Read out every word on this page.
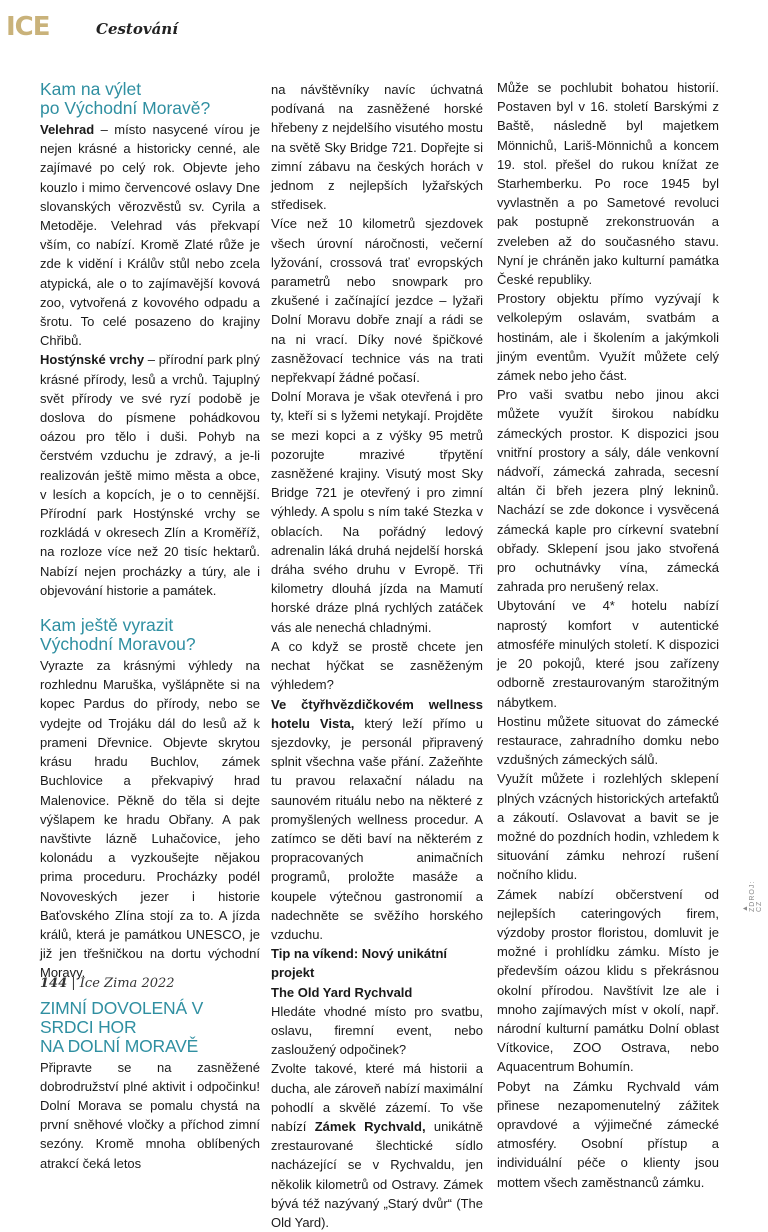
ICE	Cestování
Kam na výlet
po Východní Moravě?

Velehrad – místo nasycené vírou je nejen krásné a historicky cenné, ale zajímavé po celý rok. Objevte jeho kouzlo i mimo červencové oslavy Dne slovanských věrozvěstů sv. Cyrila a Metoděje. Velehrad vás překvapí vším, co nabízí. Kromě Zlaté růže je zde k vidění i Králův stůl nebo zcela atypická, ale o to zajímavější kovová zoo, vytvořená z kovového odpadu a šrotu. To celé posazeno do krajiny Chřibů.

Hostýnské vrchy – přírodní park plný krásné přírody, lesů a vrchů. Tajuplný svět přírody ve své ryzí podobě je doslova do písmene pohádkovou oázou pro tělo i duši. Pohyb na čerstvém vzduchu je zdravý, a je-li realizován ještě mimo města a obce, v lesích a kopcích, je o to cennější. Přírodní park Hostýnské vrchy se rozkládá v okresech Zlín a Kroměříž, na rozloze více než 20 tisíc hektarů. Nabízí nejen procházky a túry, ale i objevování historie a památek.

Kam ještě vyrazit
Východní Moravou?

Vyrazte za krásnými výhledy na rozhlednu Maruška, vyšlápněte si na kopec Pardus do přírody, nebo se vydejte od Trojáku dál do lesů až k prameni Dřevnice. Objevte skrytou krásu hradu Buchlov, zámek Buchlovice a překvapivý hrad Malenovice. Pěkně do těla si dejte výšlapem ke hradu Obřany. A pak navštivte lázně Luhačovice, jeho kolonádu a vyzkoušejte nějakou prima proceduru. Procházky podél Novoveských jezer i historie Baťovského Zlína stojí za to. A jízda králů, která je památkou UNESCO, je již jen třešničkou na dortu východní Moravy.

ZIMNÍ DOVOLENÁ V SRDCI HOR
NA DOLNÍ MORAVĚ

Připravte se na zasněžené dobrodružství plné aktivit i odpočinku! Dolní Morava se pomalu chystá na první sněhové vločky a příchod zimní sezóny. Kromě mnoha oblíbených atrakcí čeká letos

na návštěvníky navíc úchvatná podívaná na zasněžené horské hřebeny z nejdelšího visutého mostu na světě Sky Bridge 721. Dopřejte si zimní zábavu na českých horách v jednom z nejlepších lyžařských středisek.

Více než 10 kilometrů sjezdovek všech úrovní náročnosti, večerní lyžování, crossová trať evropských parametrů nebo snowpark pro zkušené i začínající jezdce – lyžaři Dolní Moravu dobře znají a rádi se na ni vrací. Díky nové špičkové zasněžovací technice vás na trati nepřekvapí žádné počasí.

Dolní Morava je však otevřená i pro ty, kteří si s lyžemi netykají. Projděte se mezi kopci a z výšky 95 metrů pozorujte mrazivé třpytění zasněžené krajiny. Visutý most Sky Bridge 721 je otevřený i pro zimní výhledy. A spolu s ním také Stezka v oblacích. Na pořádný ledový adrenalin láká druhá nejdelší horská dráha svého druhu v Evropě. Tři kilometry dlouhá jízda na Mamutí horské dráze plná rychlých zatáček vás ale nenechá chladnými.

A co když se prostě chcete jen nechat hýčkat se zasněženým výhledem?

Ve čtyřhvězdičkovém wellness hotelu Vista, který leží přímo u sjezdovky, je personál připravený splnit všechna vaše přání. Zažeňhte tu pravou relaxační náladu na saunovém rituálu nebo na některé z promyšlených wellness procedur. A zatímco se děti baví na některém z propracovaných animačních programů, proložte masáže a koupele výtečnou gastronomií a nadechněte se svěžího horského vzduchu.

Tip na víkend: Nový unikátní projekt
The Old Yard Rychvald

Hledáte vhodné místo pro svatbu, oslavu, firemní event, nebo zasloužený odpočinek?

Zvolte takové, které má historii a ducha, ale zároveň nabízí maximální pohodlí a skvělé zázemí. To vše nabízí Zámek Rychvald, unikátně zrestaurované šlechtické sídlo nacházející se v Rychvaldu, jen několik kilometrů od Ostravy. Zámek bývá též nazývaný „Starý dvůr“ (The Old Yard).

Může se pochlubit bohatou historií. Postaven byl v 16. století Barskými z Baště, následně byl majetkem Mönnichů, Lariš-Mönnichů a koncem 19. stol. přešel do rukou knížat ze Starhemberku. Po roce 1945 byl vyvlastněn a po Sametové revoluci pak postupně zrekonstruován a zveleben až do současného stavu. Nyní je chráněn jako kulturní památka České republiky.

Prostory objektu přímo vyzývají k velkolepým oslavám, svatbám a hostinám, ale i školením a jakýmkoli jiným eventům. Využít můžete celý zámek nebo jeho část.

Pro vaši svatbu nebo jinou akci můžete využít širokou nabídku zámeckých prostor. K dispozici jsou vnitřní prostory a sály, dále venkovní nádvoří, zámecká zahrada, secesní altán či břeh jezera plný lekninů. Nachází se zde dokonce i vysvěcená zámecká kaple pro církevní svatební obřady. Sklepení jsou jako stvořená pro ochutnávky vína, zámecká zahrada pro nerušený relax.

Ubytování ve 4* hotelu nabízí naprostý komfort v autentické atmosféře minulých století. K dispozici je 20 pokojů, které jsou zařízeny odborně zrestaurovaným starožitným nábytkem.

Hostinu můžete situovat do zámecké restaurace, zahradního domku nebo vzdušných zámeckých sálů.

Využít můžete i rozlehlých sklepení plných vzácných historických artefaktů a zákoutí. Oslavovat a bavit se je možné do pozdních hodin, vzhledem k situování zámku nehrozí rušení nočního klidu.

Zámek nabízí občerstvení od nejlepších cateringových firem, výzdoby prostor floristou, domluvit je možné i prohlídku zámku. Místo je především oázou klidu s překrásnou okolní přírodou. Navštívit lze ale i mnoho zajímavých míst v okolí, např. národní kulturní památku Dolní oblast Vítkovice, ZOO Ostrava, nebo Aquacentrum Bohumín.

Pobyt na Zámku Rychvald vám přinese nezapomenutelný zážitek opravdové a výjimečné zámecké atmosféry. Osobní přístup a individuální péče o klienty jsou mottem všech zaměstnanců zámku.

144 | Ice Zima 2022
▲ ZDROJ: CZ
